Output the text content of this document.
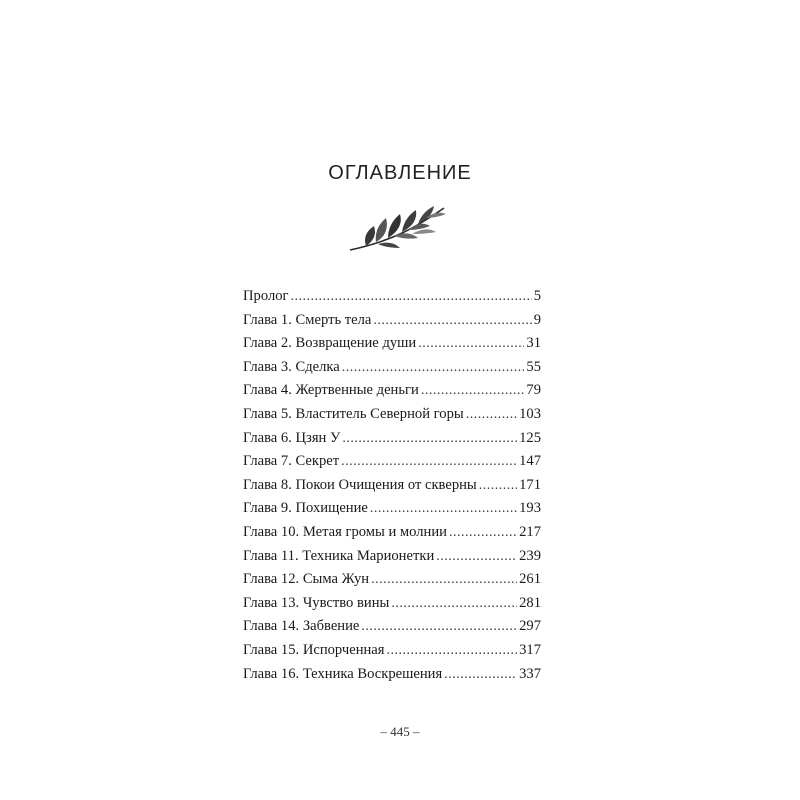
ОГЛАВЛЕНИЕ
Пролог .....	5
Глава 1. Смерть тела .....	9
Глава 2. Возвращение души .....	31
Глава 3. Сделка .....	55
Глава 4. Жертвенные деньги .....	79
Глава 5. Властитель Северной горы .....	103
Глава 6. Цзян У .....	125
Глава 7. Секрет .....	147
Глава 8. Покои Очищения от скверны .....	171
Глава 9. Похищение .....	193
Глава 10. Метая громы и молнии .....	217
Глава 11. Техника Марионетки .....	239
Глава 12. Сыма Жун .....	261
Глава 13. Чувство вины .....	281
Глава 14. Забвение .....	297
Глава 15. Испорченная .....	317
Глава 16. Техника Воскрешения .....	337
– 445 –
